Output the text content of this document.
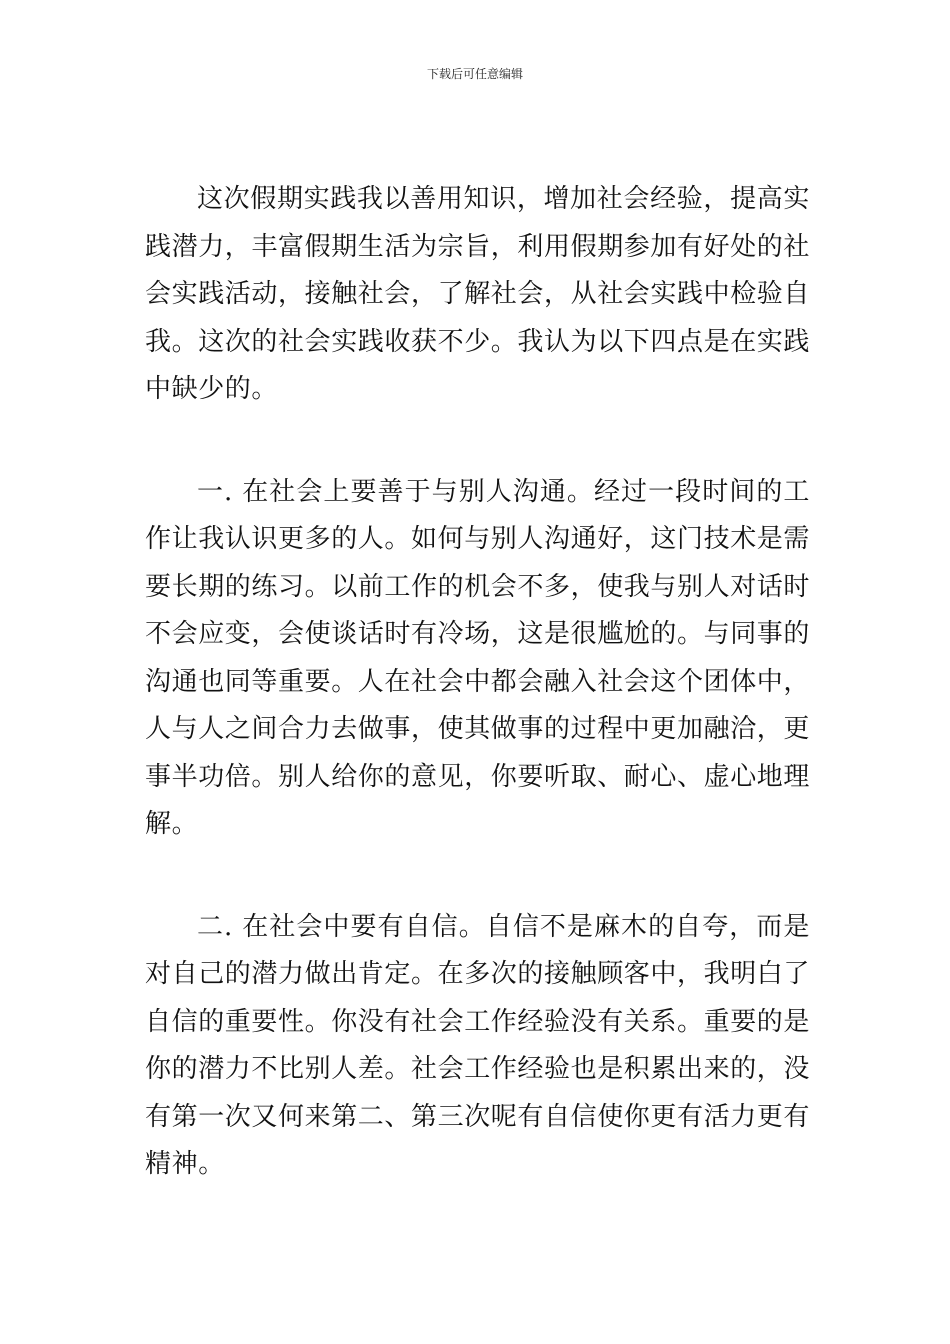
下载后可任意编辑

这次假期实践我以善用知识，增加社会经验，提高实践潜力，丰富假期生活为宗旨，利用假期参加有好处的社会实践活动，接触社会，了解社会，从社会实践中检验自我。这次的社会实践收获不少。我认为以下四点是在实践中缺少的。

一. 在社会上要善于与别人沟通。经过一段时间的工作让我认识更多的人。如何与别人沟通好，这门技术是需要长期的练习。以前工作的机会不多，使我与别人对话时不会应变，会使谈话时有冷场，这是很尴尬的。与同事的沟通也同等重要。人在社会中都会融入社会这个团体中，人与人之间合力去做事，使其做事的过程中更加融洽，更事半功倍。别人给你的意见，你要听取、耐心、虚心地理解。

二. 在社会中要有自信。自信不是麻木的自夸，而是对自己的潜力做出肯定。在多次的接触顾客中，我明白了自信的重要性。你没有社会工作经验没有关系。重要的是你的潜力不比别人差。社会工作经验也是积累出来的，没有第一次又何来第二、第三次呢有自信使你更有活力更有精神。
